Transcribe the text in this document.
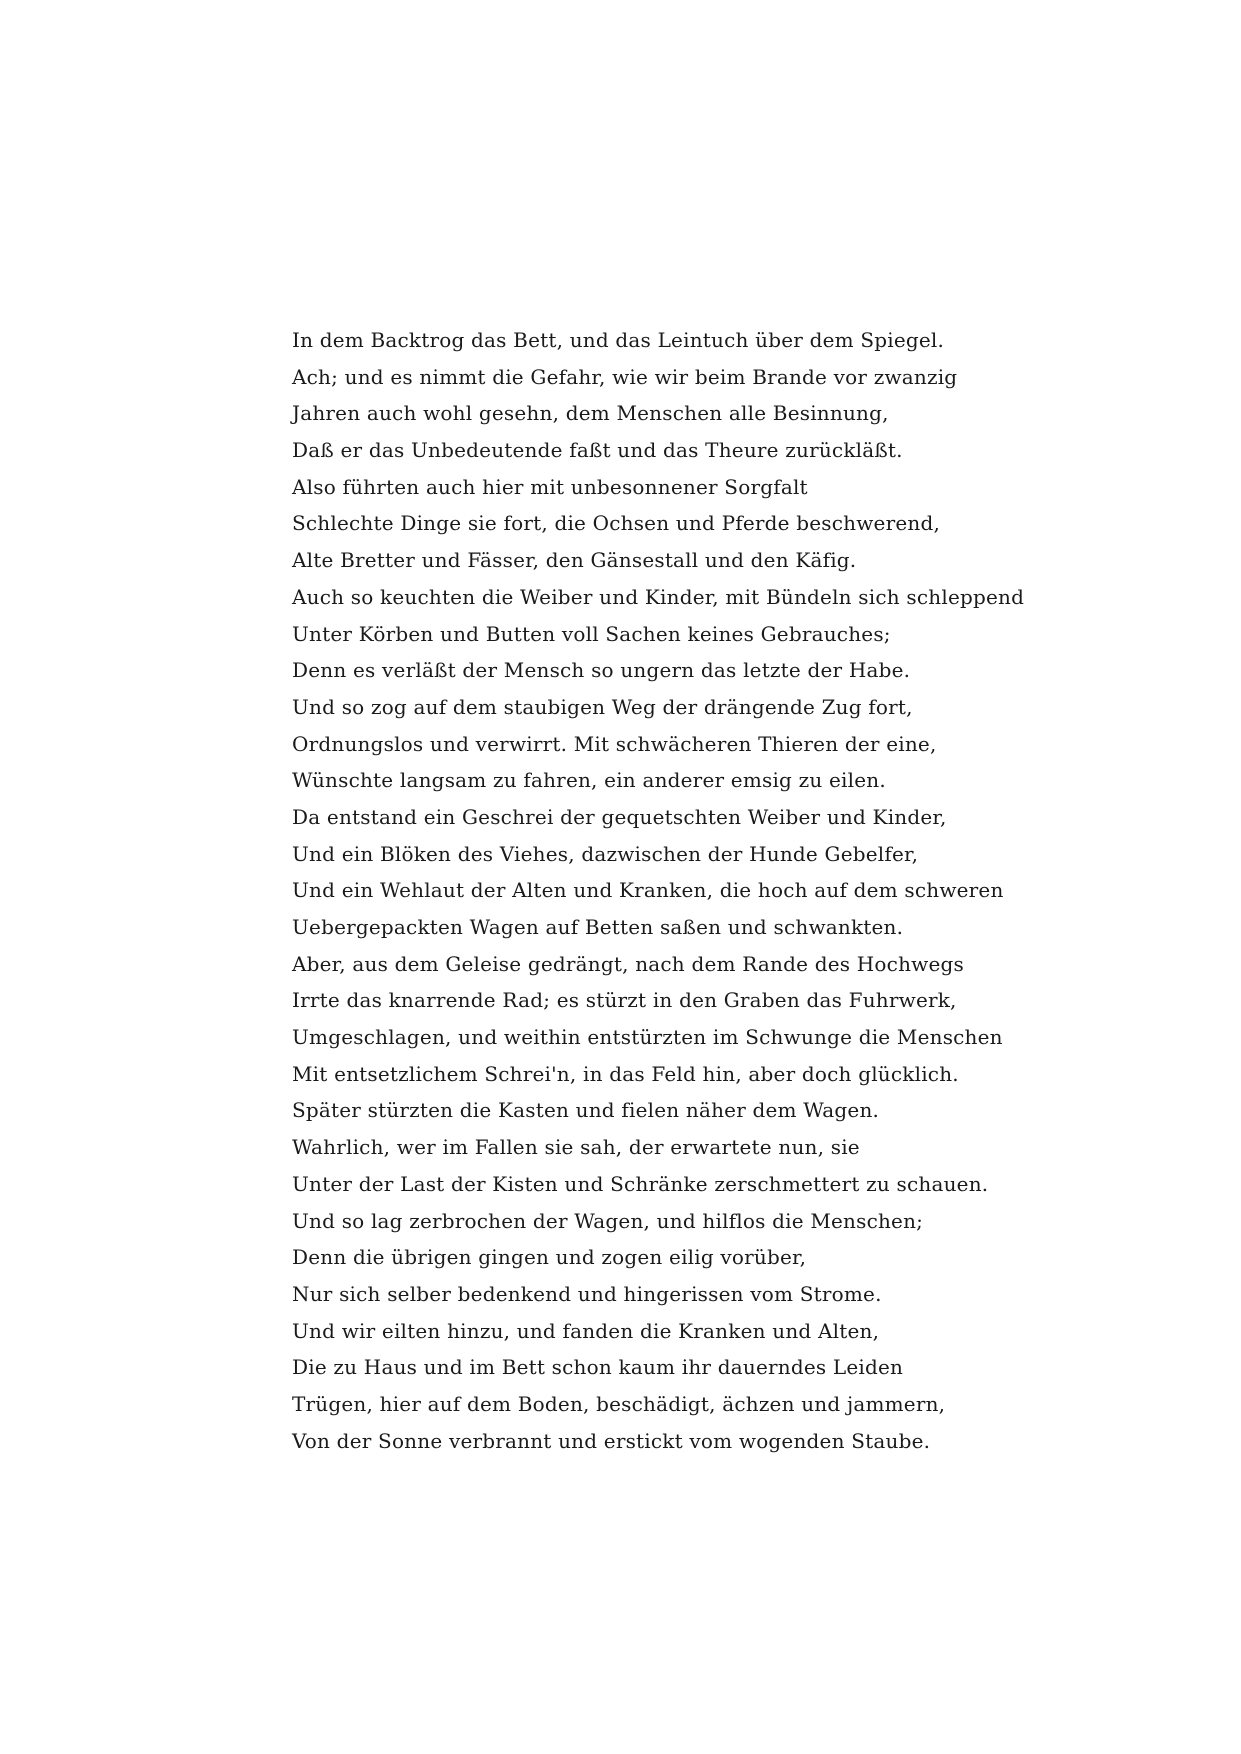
In dem Backtrog das Bett, und das Leintuch über dem Spiegel.
Ach; und es nimmt die Gefahr, wie wir beim Brande vor zwanzig
Jahren auch wohl gesehn, dem Menschen alle Besinnung,
Daß er das Unbedeutende faßt und das Theure zurückläßt.
Also führten auch hier mit unbesonnener Sorgfalt
Schlechte Dinge sie fort, die Ochsen und Pferde beschwerend,
Alte Bretter und Fässer, den Gänsestall und den Käfig.
Auch so keuchten die Weiber und Kinder, mit Bündeln sich schleppend
Unter Körben und Butten voll Sachen keines Gebrauches;
Denn es verläßt der Mensch so ungern das letzte der Habe.
Und so zog auf dem staubigen Weg der drängende Zug fort,
Ordnungslos und verwirrt. Mit schwächeren Thieren der eine,
Wünschte langsam zu fahren, ein anderer emsig zu eilen.
Da entstand ein Geschrei der gequetschten Weiber und Kinder,
Und ein Blöken des Viehes, dazwischen der Hunde Gebelfer,
Und ein Wehlaut der Alten und Kranken, die hoch auf dem schweren
Uebergepackten Wagen auf Betten saßen und schwankten.
Aber, aus dem Geleise gedrängt, nach dem Rande des Hochwegs
Irrte das knarrende Rad; es stürzt in den Graben das Fuhrwerk,
Umgeschlagen, und weithin entstürzten im Schwunge die Menschen
Mit entsetzlichem Schrei'n, in das Feld hin, aber doch glücklich.
Später stürzten die Kasten und fielen näher dem Wagen.
Wahrlich, wer im Fallen sie sah, der erwartete nun, sie
Unter der Last der Kisten und Schränke zerschmettert zu schauen.
Und so lag zerbrochen der Wagen, und hilflos die Menschen;
Denn die übrigen gingen und zogen eilig vorüber,
Nur sich selber bedenkend und hingerissen vom Strome.
Und wir eilten hinzu, und fanden die Kranken und Alten,
Die zu Haus und im Bett schon kaum ihr dauerndes Leiden
Trügen, hier auf dem Boden, beschädigt, ächzen und jammern,
Von der Sonne verbrannt und erstickt vom wogenden Staube.
